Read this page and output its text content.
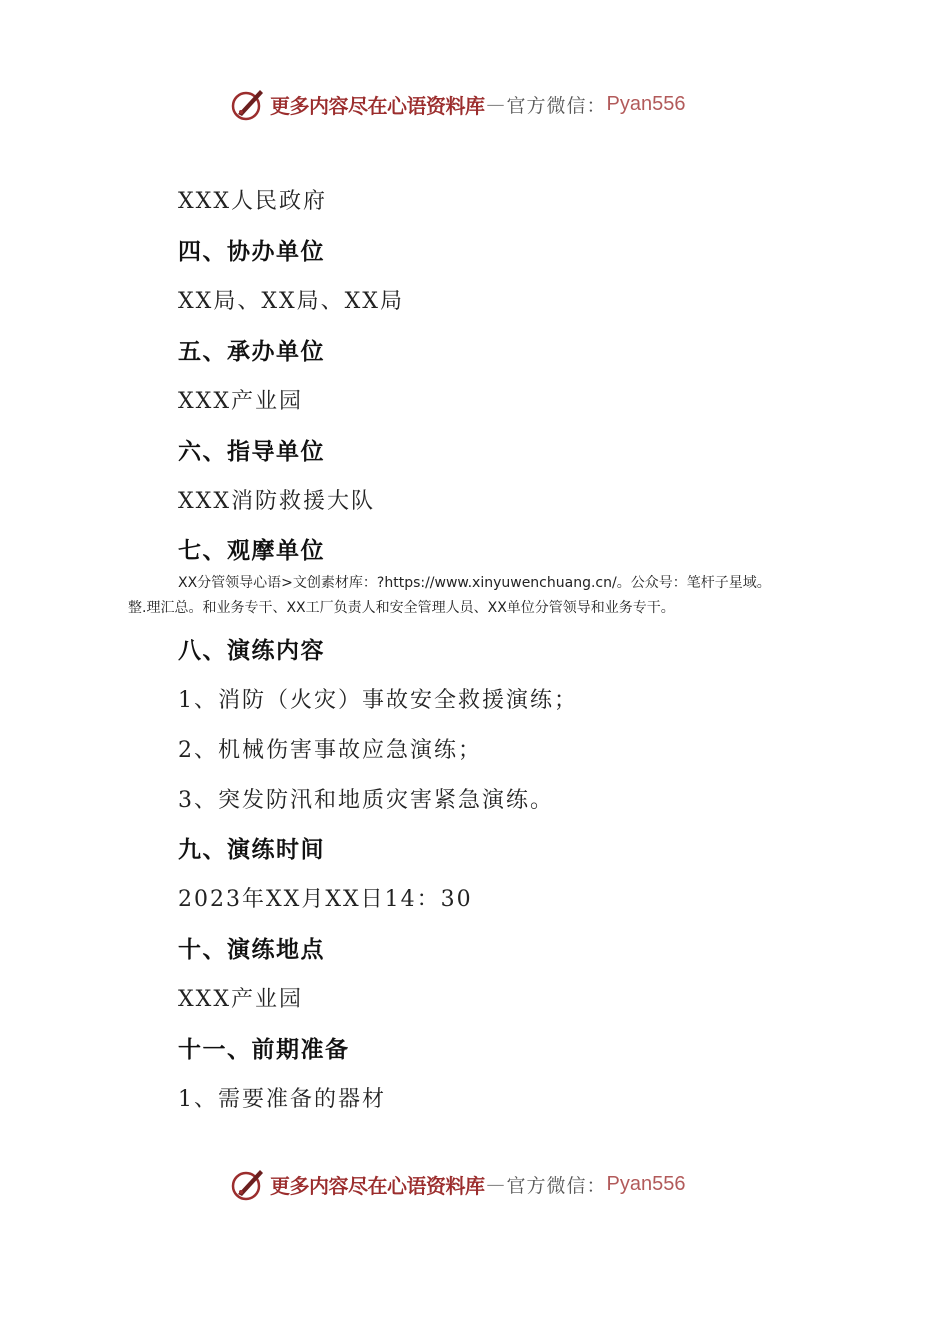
更多内容尽在心语资料库 — 官方微信： Pyan556
XXX人民政府
四、协办单位
XX局、XX局、XX局
五、承办单位
XXX产业园
六、指导单位
XXX消防救援大队
七、观摩单位
XX分管领导心语>文创素材库：?https://www.xinyuwenchuang.cn/。公众号：笔杆子星域。
整.理汇总。和业务专干、XX工厂负责人和安全管理人员、XX单位分管领导和业务专干。
八、演练内容
1、消防（火灾）事故安全救援演练；
2、机械伤害事故应急演练；
3、突发防汛和地质灾害紧急演练。
九、演练时间
2023年XX月XX日14：30
十、演练地点
XXX产业园
十一、前期准备
1、需要准备的器材
更多内容尽在心语资料库 — 官方微信： Pyan556
